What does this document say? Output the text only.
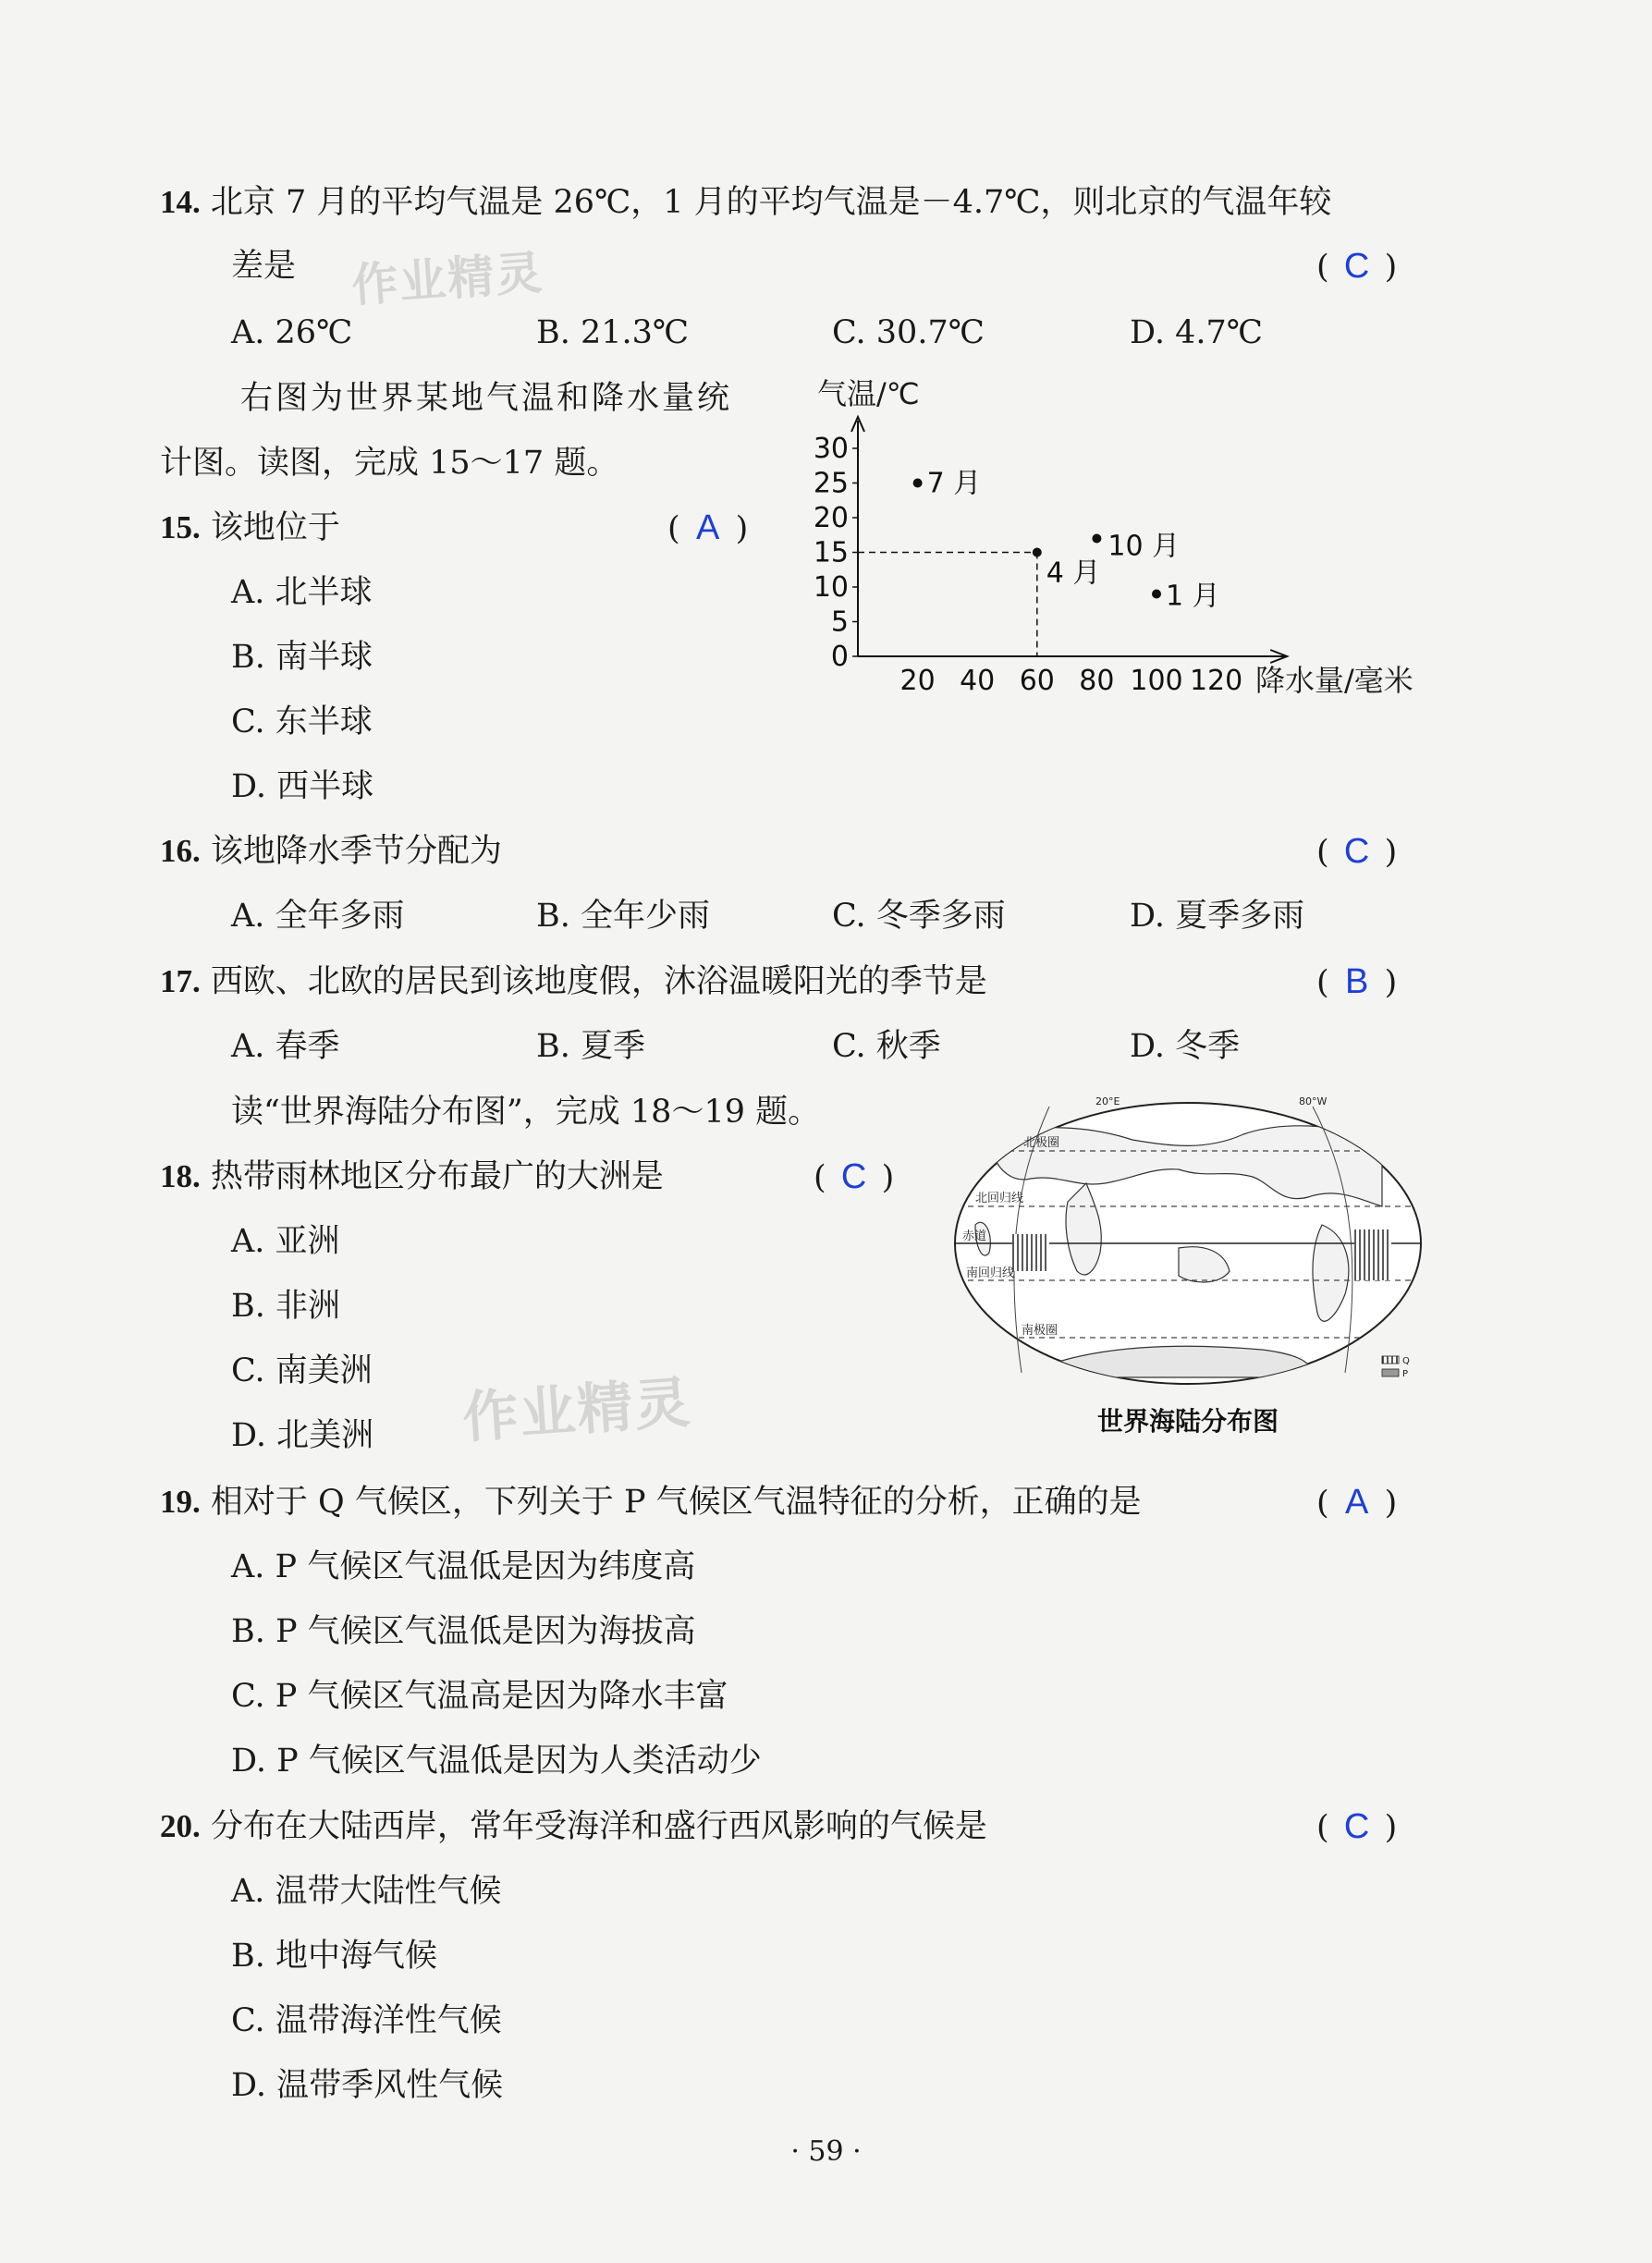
14. 北京 7 月的平均气温是 26℃，1 月的平均气温是－4.7℃，则北京的气温年较
差是	( C )
A. 26℃	B. 21.3℃	C. 30.7℃	D. 4.7℃
右图为世界某地气温和降水量统
计图。读图，完成 15～17 题。
15. 该地位于	( A )
A. 北半球
B. 南半球
C. 东半球
D. 西半球
气温/℃
降水量/毫米
0
5
10
15
20
25
30
20 40 60 80 100 120
7 月
4 月
10 月
1 月
16. 该地降水季节分配为	( C )
A. 全年多雨	B. 全年少雨	C. 冬季多雨	D. 夏季多雨
17. 西欧、北欧的居民到该地度假，沐浴温暖阳光的季节是	( B )
A. 春季	B. 夏季	C. 秋季	D. 冬季
读“世界海陆分布图”，完成 18～19 题。
18. 热带雨林地区分布最广的大洲是	( C )
A. 亚洲
B. 非洲
C. 南美洲
D. 北美洲
20°E	80°W
北极圈
北回归线
赤道
南回归线
南极圈
Q
P
世界海陆分布图
19. 相对于 Q 气候区，下列关于 P 气候区气温特征的分析，正确的是	( A )
A. P 气候区气温低是因为纬度高
B. P 气候区气温低是因为海拔高
C. P 气候区气温高是因为降水丰富
D. P 气候区气温低是因为人类活动少
20. 分布在大陆西岸，常年受海洋和盛行西风影响的气候是	( C )
A. 温带大陆性气候
B. 地中海气候
C. 温带海洋性气候
D. 温带季风性气候
· 59 ·
作业精灵
作业精灵
